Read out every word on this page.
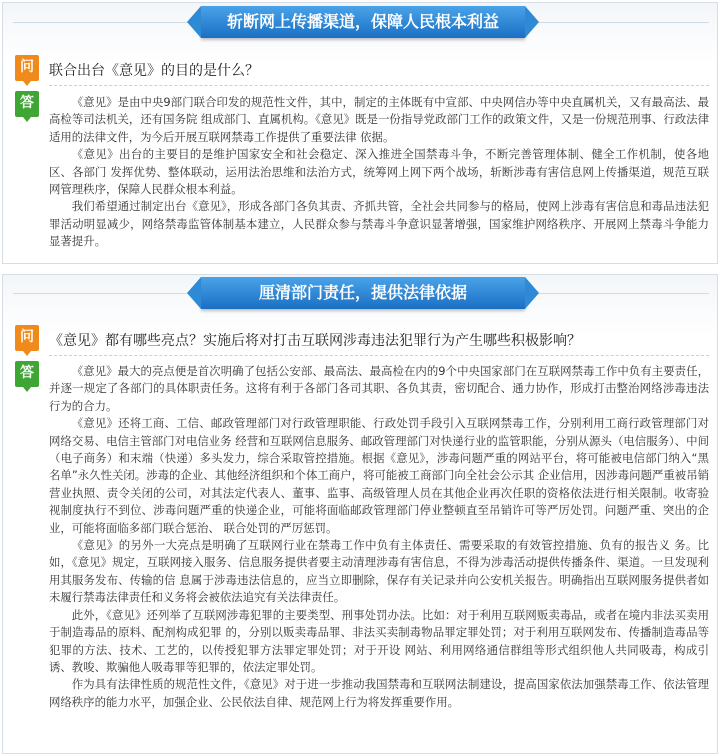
斩断网上传播渠道，保障人民根本利益
问	联合出台《意见》的目的是什么？
答	《意见》是由中央9部门联合印发的规范性文件，其中，制定的主体既有中宣部、中央网信办等中央直属机关，又有最高法、最高检等司法机关，还有国务院 组成部门、直属机构。《意见》既是一份指导党政部门工作的政策文件，又是一份规范刑事、行政法律适用的法律文件，为今后开展互联网禁毒工作提供了重要法律 依据。

《意见》出台的主要目的是维护国家安全和社会稳定、深入推进全国禁毒斗争，不断完善管理体制、健全工作机制，使各地区、各部门 发挥优势、整体联动，运用法治思维和法治方式，统筹网上网下两个战场，斩断涉毒有害信息网上传播渠道，规范互联网管理秩序，保障人民群众根本利益。

我们希望通过制定出台《意见》，形成各部门各负其责、齐抓共管，全社会共同参与的格局，使网上涉毒有害信息和毒品违法犯罪活动明显减少，网络禁毒监管体制基本建立，人民群众参与禁毒斗争意识显著增强，国家维护网络秩序、开展网上禁毒斗争能力显著提升。

厘清部门责任，提供法律依据
问	《意见》都有哪些亮点？实施后将对打击互联网涉毒违法犯罪行为产生哪些积极影响？
答	《意见》最大的亮点便是首次明确了包括公安部、最高法、最高检在内的9个中央国家部门在互联网禁毒工作中负有主要责任，并逐一规定了各部门的具体职责任务。这将有利于各部门各司其职、各负其责，密切配合、通力协作，形成打击整治网络涉毒违法行为的合力。

《意见》还将工商、工信、邮政管理部门对行政管理职能、行政处罚手段引入互联网禁毒工作，分别利用工商行政管理部门对网络交易、电信主管部门对电信业务 经营和互联网信息服务、邮政管理部门对快递行业的监管职能，分别从源头（电信服务）、中间（电子商务）和末端（快递）多头发力，综合采取管控措施。根据《意见》，涉毒问题严重的网站平台，将可能被电信部门纳入“黑名单”永久性关闭。涉毒的企业、其他经济组织和个体工商户，将可能被工商部门向全社会公示其 企业信用，因涉毒问题严重被吊销营业执照、责令关闭的公司，对其法定代表人、董事、监事、高级管理人员在其他企业再次任职的资格依法进行相关限制。收寄验 视制度执行不到位、涉毒问题严重的快递企业，可能将面临邮政管理部门停业整顿直至吊销许可等严厉处罚。问题严重、突出的企业，可能将面临多部门联合惩治、 联合处罚的严厉惩罚。

《意见》的另外一大亮点是明确了互联网行业在禁毒工作中负有主体责任、需要采取的有效管控措施、负有的报告义 务。比如，《意见》规定，互联网接入服务、信息服务提供者要主动清理涉毒有害信息，不得为涉毒活动提供传播条件、渠道。一旦发现利用其服务发布、传输的信 息属于涉毒违法信息的，应当立即删除，保存有关记录并向公安机关报告。明确指出互联网服务提供者如未履行禁毒法律责任和义务将会被依法追究有关法律责任。

此外，《意见》还列举了互联网涉毒犯罪的主要类型、刑事处罚办法。比如：对于利用互联网贩卖毒品，或者在境内非法买卖用于制造毒品的原料、配剂构成犯罪 的，分别以贩卖毒品罪、非法买卖制毒物品罪定罪处罚；对于利用互联网发布、传播制造毒品等犯罪的方法、技术、工艺的，以传授犯罪方法罪定罪处罚；对于开设 网站、利用网络通信群组等形式组织他人共同吸毒，构成引诱、教唆、欺骗他人吸毒罪等犯罪的，依法定罪处罚。

作为具有法律性质的规范性文件，《意见》对于进一步推动我国禁毒和互联网法制建设，提高国家依法加强禁毒工作、依法管理网络秩序的能力水平，加强企业、公民依法自律、规范网上行为将发挥重要作用。
